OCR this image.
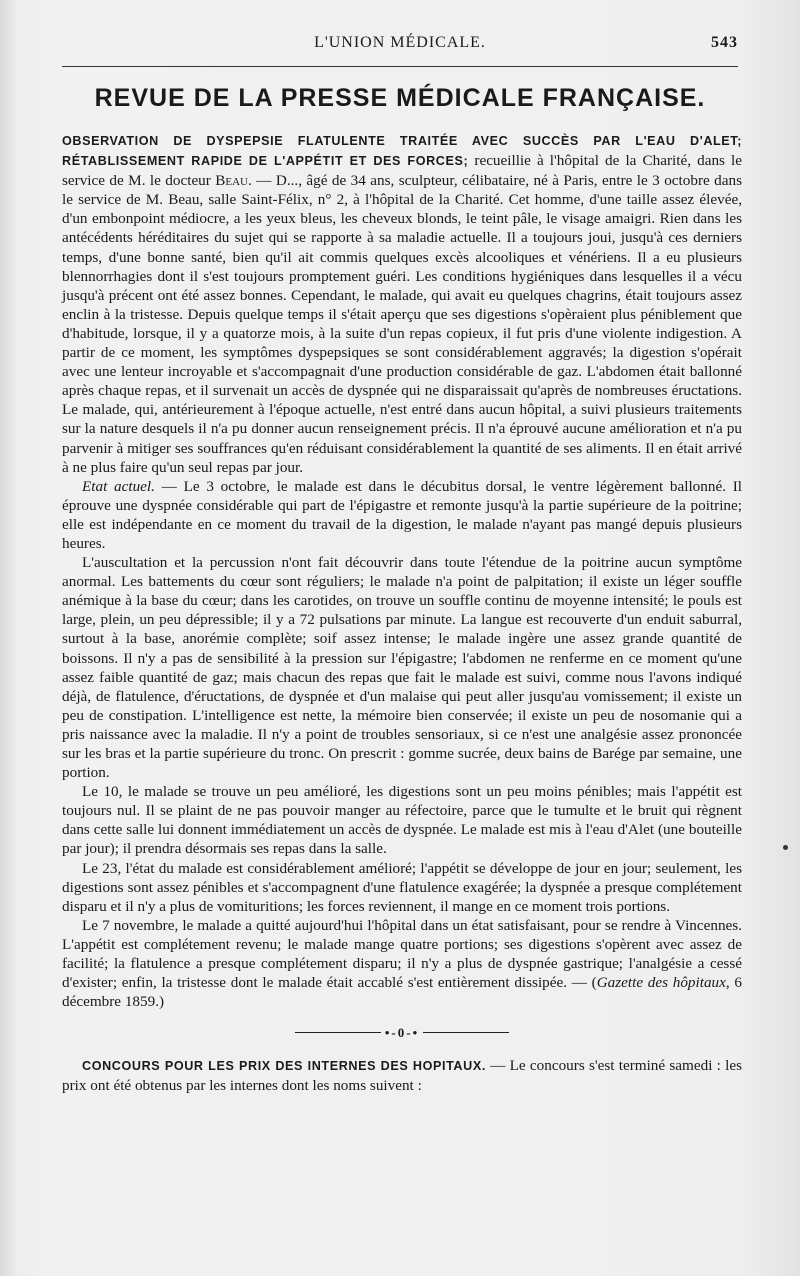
L'UNION MÉDICALE.	543
REVUE DE LA PRESSE MÉDICALE FRANÇAISE.

OBSERVATION DE DYSPEPSIE FLATULENTE TRAITÉE AVEC SUCCÈS PAR L'EAU D'ALET; RÉTABLISSEMENT RAPIDE DE L'APPÉTIT ET DES FORCES; recueillie à l'hôpital de la Charité, dans le service de M. le docteur Beau. — D..., âgé de 34 ans, sculpteur, célibataire, né à Paris, entre le 3 octobre dans le service de M. Beau, salle Saint-Félix, n° 2, à l'hôpital de la Charité. Cet homme, d'une taille assez élevée, d'un embonpoint médiocre, a les yeux bleus, les cheveux blonds, le teint pâle, le visage amaigri. Rien dans les antécédents héréditaires du sujet qui se rapporte à sa maladie actuelle. Il a toujours joui, jusqu'à ces derniers temps, d'une bonne santé, bien qu'il ait commis quelques excès alcooliques et vénériens. Il a eu plusieurs blennorrhagies dont il s'est toujours promptement guéri. Les conditions hygiéniques dans lesquelles il a vécu jusqu'à précent ont été assez bonnes. Cependant, le malade, qui avait eu quelques chagrins, était toujours assez enclin à la tristesse. Depuis quelque temps il s'était aperçu que ses digestions s'opèraient plus péniblement que d'habitude, lorsque, il y a quatorze mois, à la suite d'un repas copieux, il fut pris d'une violente indigestion. A partir de ce moment, les symptômes dyspepsiques se sont considérablement aggravés; la digestion s'opérait avec une lenteur incroyable et s'accompagnait d'une production considérable de gaz. L'abdomen était ballonné après chaque repas, et il survenait un accès de dyspnée qui ne disparaissait qu'après de nombreuses éructations. Le malade, qui, antérieurement à l'époque actuelle, n'est entré dans aucun hôpital, a suivi plusieurs traitements sur la nature desquels il n'a pu donner aucun renseignement précis. Il n'a éprouvé aucune amélioration et n'a pu parvenir à mitiger ses souffrances qu'en réduisant considérablement la quantité de ses aliments. Il en était arrivé à ne plus faire qu'un seul repas par jour.

Etat actuel. — Le 3 octobre, le malade est dans le décubitus dorsal, le ventre légèrement ballonné. Il éprouve une dyspnée considérable qui part de l'épigastre et remonte jusqu'à la partie supérieure de la poitrine; elle est indépendante en ce moment du travail de la digestion, le malade n'ayant pas mangé depuis plusieurs heures.

L'auscultation et la percussion n'ont fait découvrir dans toute l'étendue de la poitrine aucun symptôme anormal. Les battements du cœur sont réguliers; le malade n'a point de palpitation; il existe un léger souffle anémique à la base du cœur; dans les carotides, on trouve un souffle continu de moyenne intensité; le pouls est large, plein, un peu dépressible; il y a 72 pulsations par minute. La langue est recouverte d'un enduit saburral, surtout à la base, anorémie complète; soif assez intense; le malade ingère une assez grande quantité de boissons. Il n'y a pas de sensibilité à la pression sur l'épigastre; l'abdomen ne renferme en ce moment qu'une assez faible quantité de gaz; mais chacun des repas que fait le malade est suivi, comme nous l'avons indiqué déjà, de flatulence, d'éructations, de dyspnée et d'un malaise qui peut aller jusqu'au vomissement; il existe un peu de constipation. L'intelligence est nette, la mémoire bien conservée; il existe un peu de nosomanie qui a pris naissance avec la maladie. Il n'y a point de troubles sensoriaux, si ce n'est une analgésie assez prononcée sur les bras et la partie supérieure du tronc. On prescrit : gomme sucrée, deux bains de Barége par semaine, une portion.

Le 10, le malade se trouve un peu amélioré, les digestions sont un peu moins pénibles; mais l'appétit est toujours nul. Il se plaint de ne pas pouvoir manger au réfectoire, parce que le tumulte et le bruit qui règnent dans cette salle lui donnent immédiatement un accès de dyspnée. Le malade est mis à l'eau d'Alet (une bouteille par jour); il prendra désormais ses repas dans la salle.

Le 23, l'état du malade est considérablement amélioré; l'appétit se développe de jour en jour; seulement, les digestions sont assez pénibles et s'accompagnent d'une flatulence exagérée; la dyspnée a presque complétement disparu et il n'y a plus de vomituritions; les forces reviennent, il mange en ce moment trois portions.

Le 7 novembre, le malade a quitté aujourd'hui l'hôpital dans un état satisfaisant, pour se rendre à Vincennes. L'appétit est complétement revenu; le malade mange quatre portions; ses digestions s'opèrent avec assez de facilité; la flatulence a presque complétement disparu; il n'y a plus de dyspnée gastrique; l'analgésie a cessé d'exister; enfin, la tristesse dont le malade était accablé s'est entièrement dissipée. — (Gazette des hôpitaux, 6 décembre 1859.)

•-0-•

CONCOURS POUR LES PRIX DES INTERNES DES HOPITAUX. — Le concours s'est terminé samedi : les prix ont été obtenus par les internes dont les noms suivent :
